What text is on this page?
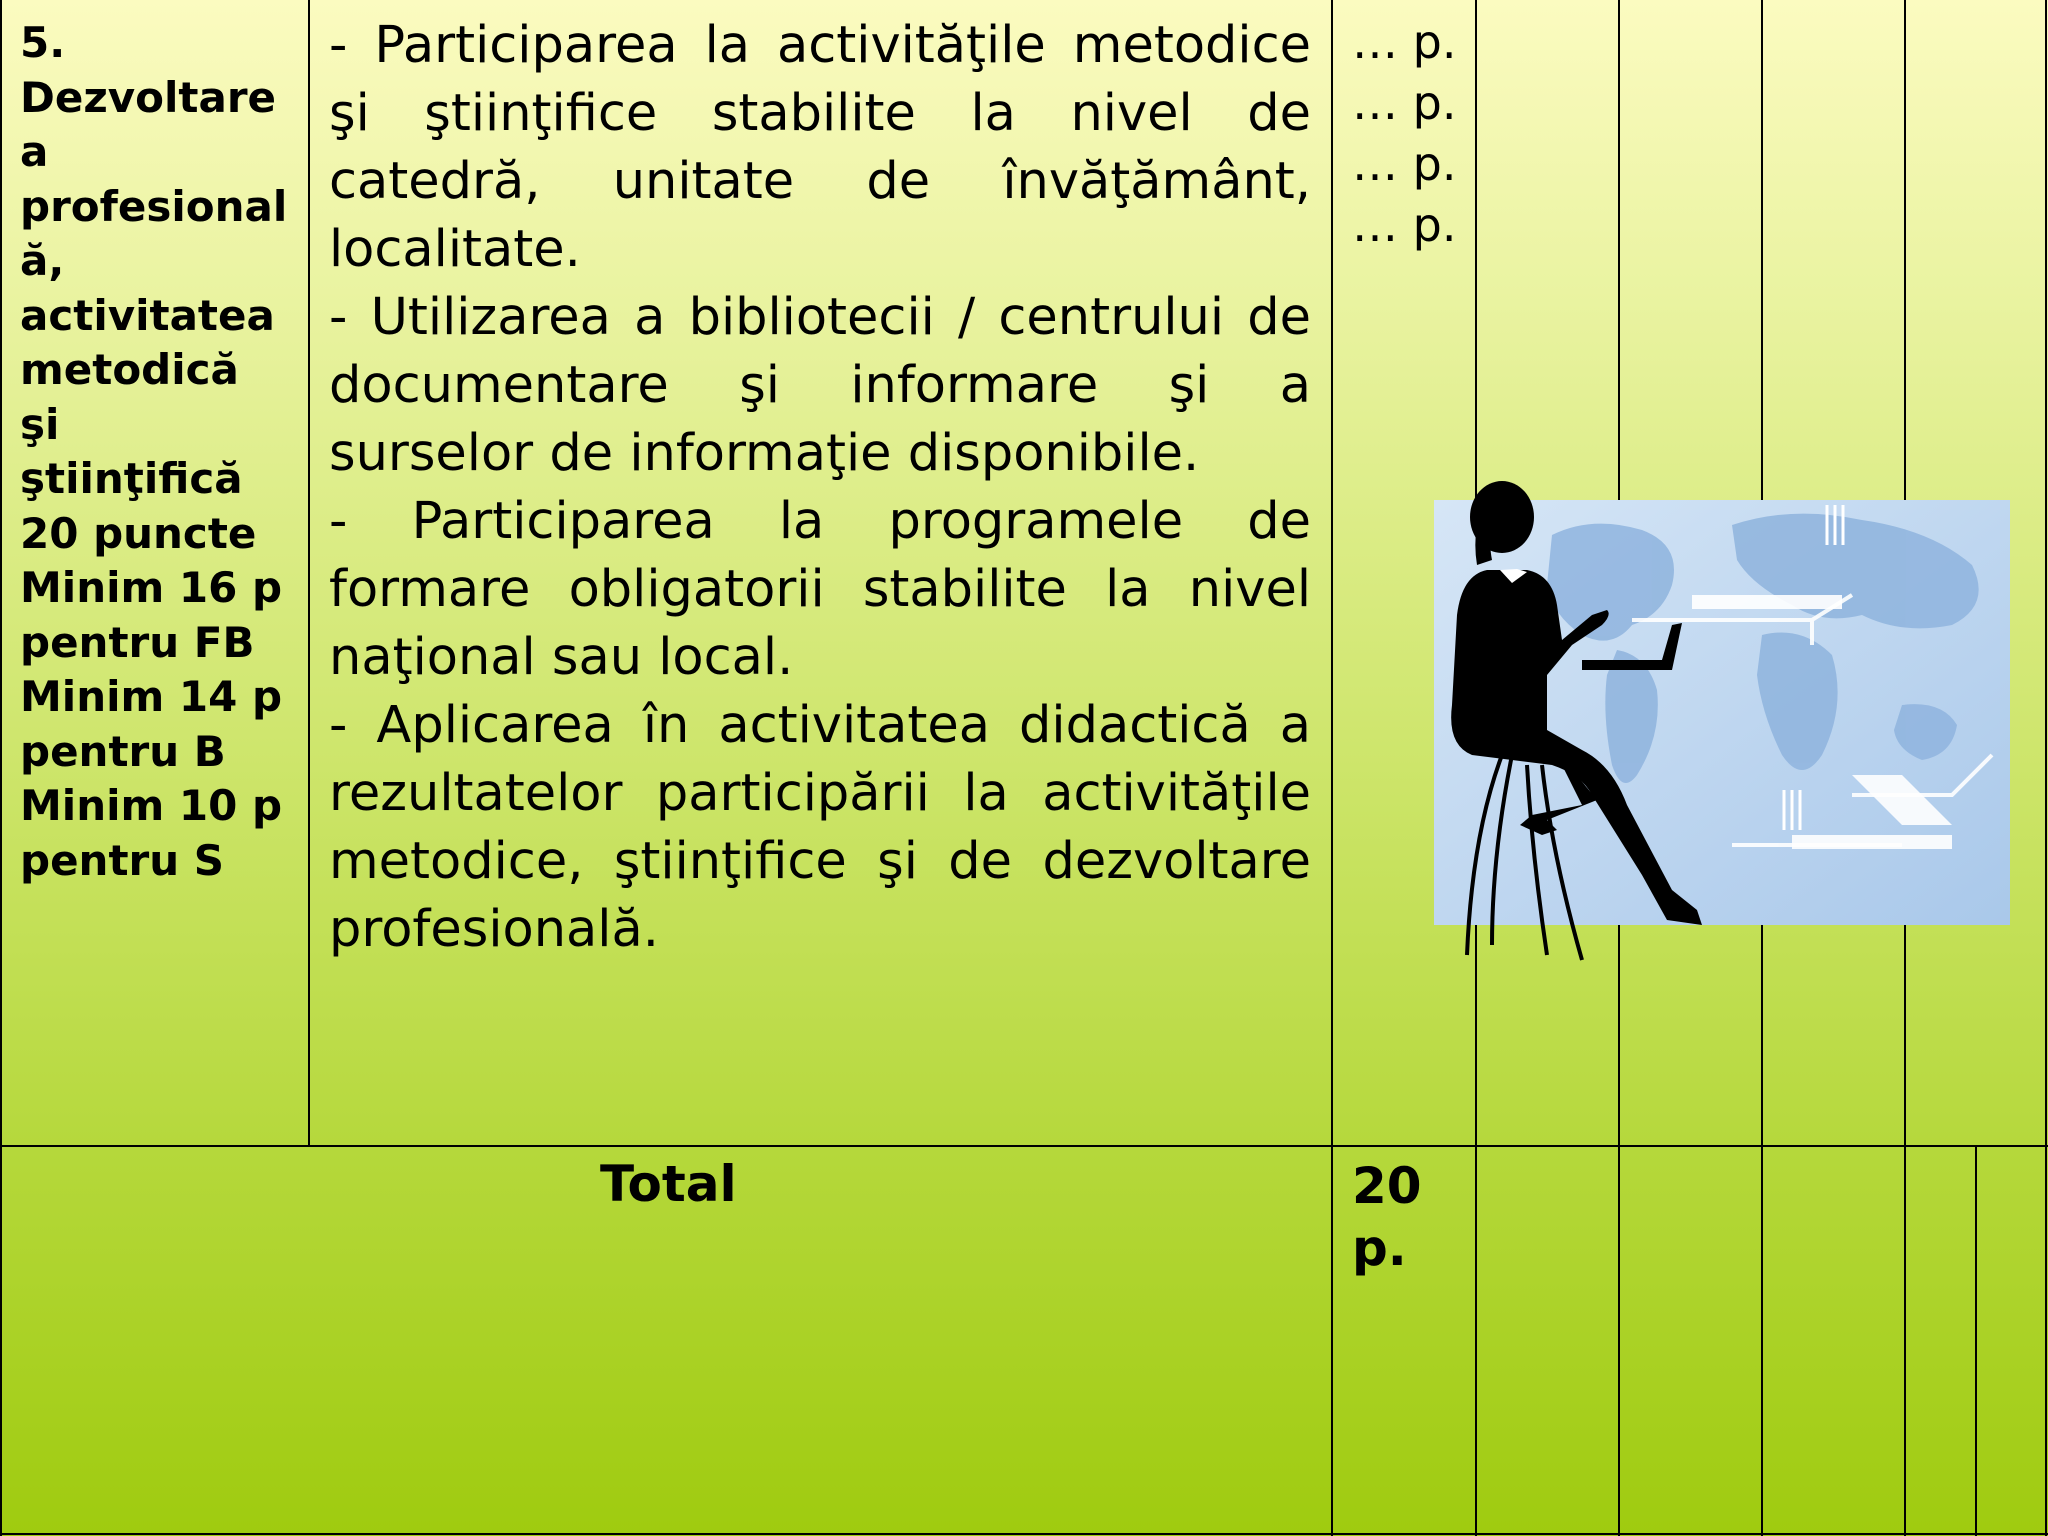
5.
Dezvoltare
a
profesional
ă,
activitatea
metodică şi
ştiinţifică
20 puncte
Minim 16 p
pentru FB
Minim 14 p
pentru B
Minim 10 p
pentru S

- Participarea la activităţile metodice şi ştiinţifice stabilite la nivel de catedră, unitate de învăţământ, localitate.

- Utilizarea a bibliotecii / centrului de documentare şi informare şi a surselor de informaţie disponibile.

- Participarea la programele de formare obligatorii stabilite la nivel naţional sau local.

- Aplicarea în activitatea didactică a rezultatelor participării la activităţile metodice, ştiinţifice şi de dezvoltare profesională.

… p.
… p.
… p.
… p.
Total	20
p.
